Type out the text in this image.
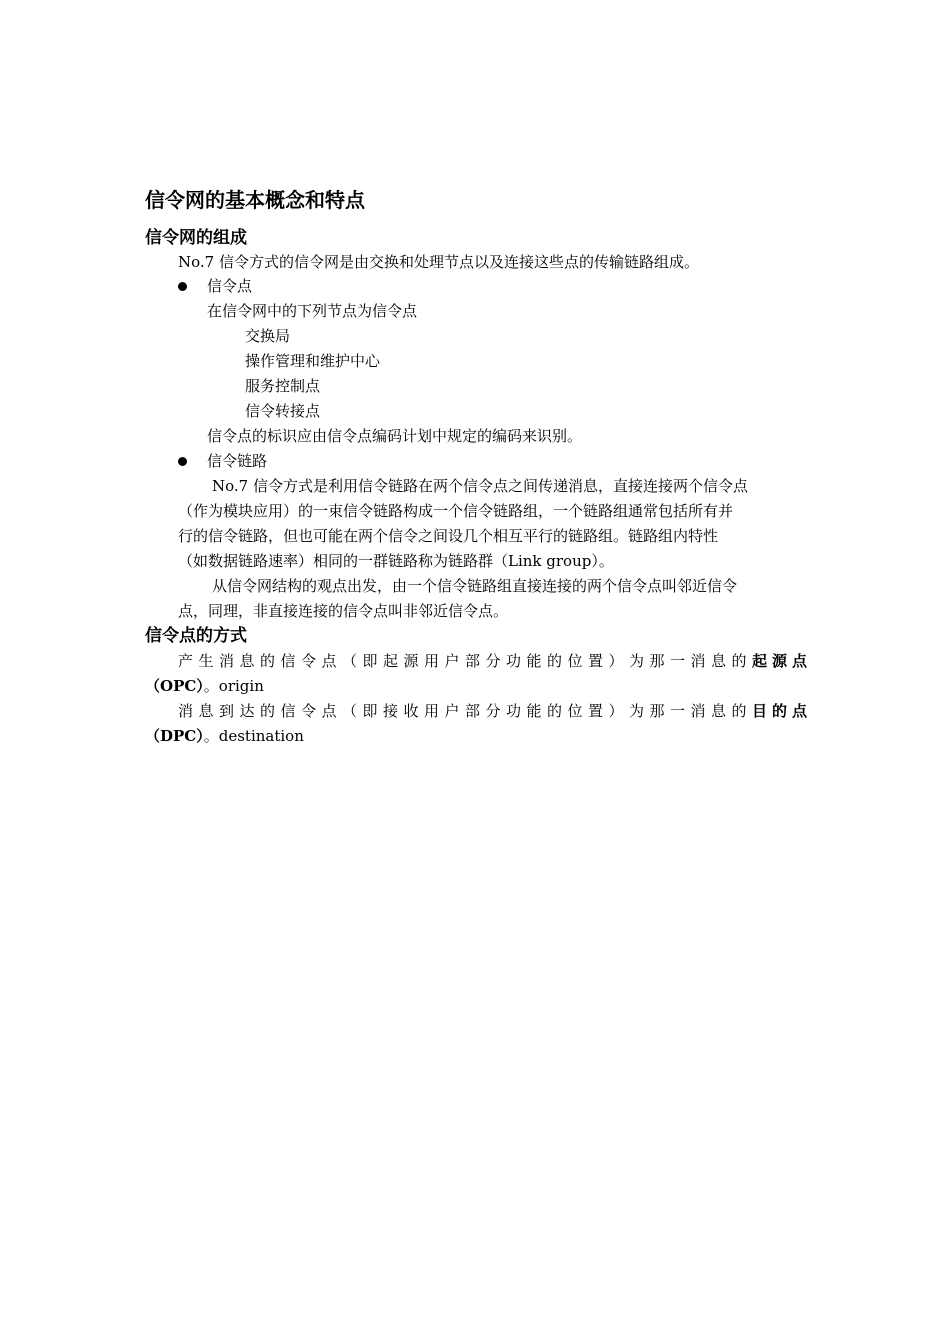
信令网的基本概念和特点
信令网的组成
No.7 信令方式的信令网是由交换和处理节点以及连接这些点的传输链路组成。
信令点
在信令网中的下列节点为信令点
交换局
操作管理和维护中心
服务控制点
信令转接点
信令点的标识应由信令点编码计划中规定的编码来识别。
信令链路
No.7 信令方式是利用信令链路在两个信令点之间传递消息，直接连接两个信令点
（作为模块应用）的一束信令链路构成一个信令链路组，一个链路组通常包括所有并
行的信令链路，但也可能在两个信令之间设几个相互平行的链路组。链路组内特性
（如数据链路速率）相同的一群链路称为链路群（Link group）。
从信令网结构的观点出发，由一个信令链路组直接连接的两个信令点叫邻近信令
点，同理，非直接连接的信令点叫非邻近信令点。
信令点的方式
产生消息的信令点（即起源用户部分功能的位置）为那一消息的起源点
（OPC）。origin
消息到达的信令点（即接收用户部分功能的位置）为那一消息的目的点
（DPC）。destination
